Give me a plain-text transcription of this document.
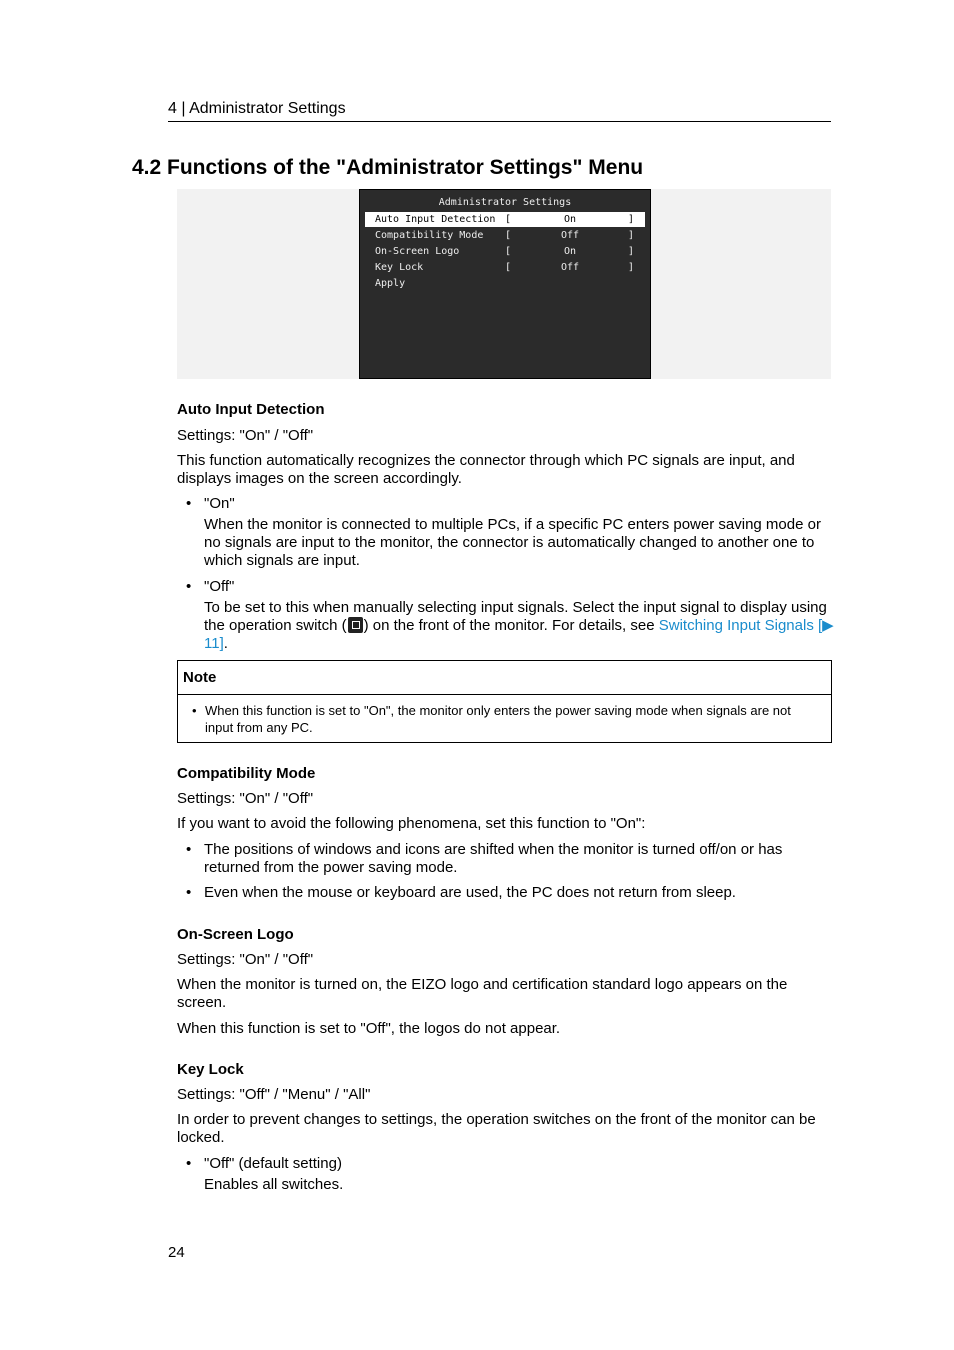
4 | Administrator Settings
4.2 Functions of the "Administrator Settings" Menu
Administrator Settings
Auto Input Detection [	On	]
Compatibility Mode [	Off	]
On-Screen Logo	[	On	]
Key Lock	[	Off	]
Apply
Auto Input Detection
Settings: "On" / "Off"
This function automatically recognizes the connector through which PC signals are input, and displays images on the screen accordingly.
• "On"
When the monitor is connected to multiple PCs, if a specific PC enters power saving mode or no signals are input to the monitor, the connector is automatically changed to another one to which signals are input.
• "Off"
To be set to this when manually selecting input signals. Select the input signal to display using the operation switch ( ) on the front of the monitor. For details, see Switching Input Signals [▶ 11].
Note
• When this function is set to "On", the monitor only enters the power saving mode when signals are not input from any PC.
Compatibility Mode
Settings: "On" / "Off"
If you want to avoid the following phenomena, set this function to "On":
• The positions of windows and icons are shifted when the monitor is turned off/on or has returned from the power saving mode.
• Even when the mouse or keyboard are used, the PC does not return from sleep.
On-Screen Logo
Settings: "On" / "Off"
When the monitor is turned on, the EIZO logo and certification standard logo appears on the screen.
When this function is set to "Off", the logos do not appear.
Key Lock
Settings: "Off" / "Menu" / "All"
In order to prevent changes to settings, the operation switches on the front of the monitor can be locked.
• "Off" (default setting)
Enables all switches.
24
